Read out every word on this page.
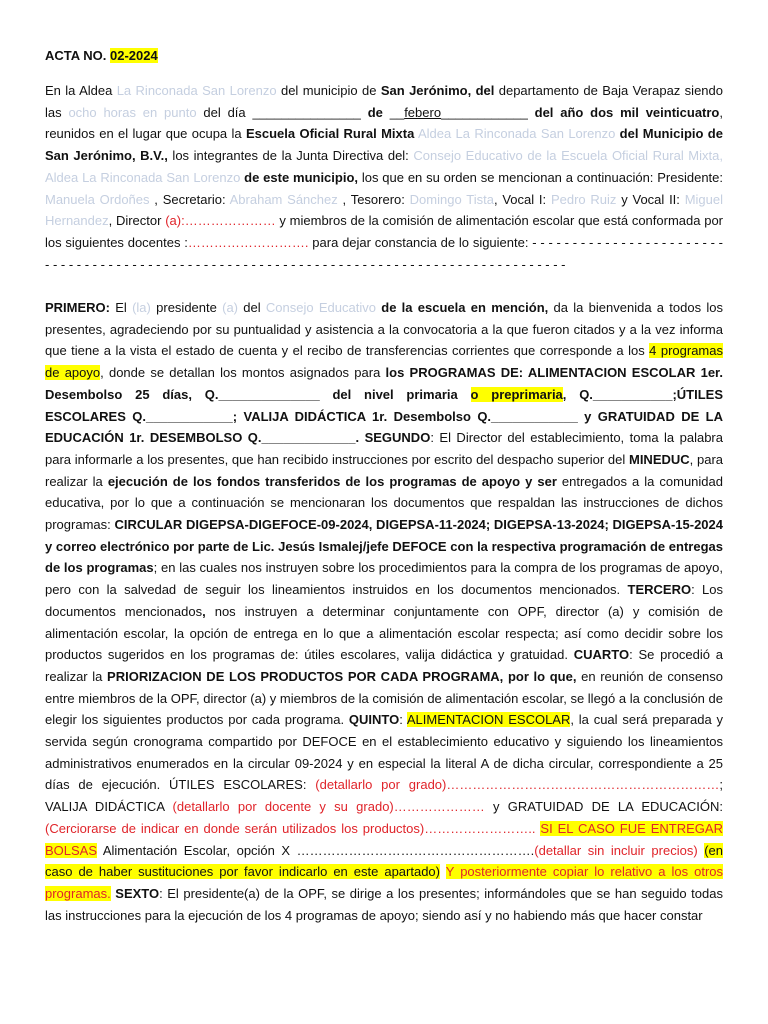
ACTA NO. 02-2024
En la Aldea La Rinconada San Lorenzo del municipio de San Jerónimo, del departamento de Baja Verapaz siendo las ocho horas en punto del día _______________ de __febero____________ del año dos mil veinticuatro, reunidos en el lugar que ocupa la Escuela Oficial Rural Mixta Aldea La Rinconada San Lorenzo del Municipio de San Jerónimo, B.V., los integrantes de la Junta Directiva del: Consejo Educativo de la Escuela Oficial Rural Mixta, Aldea La Rinconada San Lorenzo de este municipio, los que en su orden se mencionan a continuación: Presidente: Manuela Ordoñes , Secretario: Abraham Sánchez , Tesorero: Domingo Tista, Vocal I: Pedro Ruiz y Vocal II: Miguel Hernandez, Director (a):………………… y miembros de la comisión de alimentación escolar que está conformada por los siguientes docentes :………………………. para dejar constancia de lo siguiente: - - - - - - - - - - - - - - - - - - - - - - - - - - - - - - - - - - - - - - - - - - - - - - - - - - - - - - - - - - - - - - - - - - - - - - - - - - - - - - - - - - - - - - - - - -
PRIMERO: El (la) presidente (a) del Consejo Educativo de la escuela en mención, da la bienvenida a todos los presentes, agradeciendo por su puntualidad y asistencia a la convocatoria a la que fueron citados y a la vez informa que tiene a la vista el estado de cuenta y el recibo de transferencias corrientes que corresponde a los 4 programas de apoyo, donde se detallan los montos asignados para los PROGRAMAS DE: ALIMENTACION ESCOLAR 1er. Desembolso 25 días, Q.______________ del nivel primaria o preprimaria, Q.___________;ÚTILES ESCOLARES Q.____________; VALIJA DIDÁCTICA 1r. Desembolso Q.____________ y GRATUIDAD DE LA EDUCACIÓN 1r. DESEMBOLSO Q._____________. SEGUNDO: El Director del establecimiento, toma la palabra para informarle a los presentes, que han recibido instrucciones por escrito del despacho superior del MINEDUC, para realizar la ejecución de los fondos transferidos de los programas de apoyo y ser entregados a la comunidad educativa, por lo que a continuación se mencionaran los documentos que respaldan las instrucciones de dichos programas: CIRCULAR DIGEPSA-DIGEFOCE-09-2024, DIGEPSA-11-2024; DIGEPSA-13-2024; DIGEPSA-15-2024 y correo electrónico por parte de Lic. Jesús Ismalej/jefe DEFOCE con la respectiva programación de entregas de los programas; en las cuales nos instruyen sobre los procedimientos para la compra de los programas de apoyo, pero con la salvedad de seguir los lineamientos instruidos en los documentos mencionados. TERCERO: Los documentos mencionados, nos instruyen a determinar conjuntamente con OPF, director (a) y comisión de alimentación escolar, la opción de entrega en lo que a alimentación escolar respecta; así como decidir sobre los productos sugeridos en los programas de: útiles escolares, valija didáctica y gratuidad. CUARTO: Se procedió a realizar la PRIORIZACION DE LOS PRODUCTOS POR CADA PROGRAMA, por lo que, en reunión de consenso entre miembros de la OPF, director (a) y miembros de la comisión de alimentación escolar, se llegó a la conclusión de elegir los siguientes productos por cada programa. QUINTO: ALIMENTACION ESCOLAR, la cual será preparada y servida según cronograma compartido por DEFOCE en el establecimiento educativo y siguiendo los lineamientos administrativos enumerados en la circular 09-2024 y en especial la literal A de dicha circular, correspondiente a 25 días de ejecución. ÚTILES ESCOLARES: (detallarlo por grado)………………………………………………………; VALIJA DIDÁCTICA (detallarlo por docente y su grado)………………… y GRATUIDAD DE LA EDUCACIÓN: (Cerciorarse de indicar en donde serán utilizados los productos)…………………….. SI EL CASO FUE ENTREGAR BOLSAS Alimentación Escolar, opción X ……………………………………………….(detallar sin incluir precios) (en caso de haber sustituciones por favor indicarlo en este apartado) Y posteriormente copiar lo relativo a los otros programas. SEXTO: El presidente(a) de la OPF, se dirige a los presentes; informándoles que se han seguido todas las instrucciones para la ejecución de los 4 programas de apoyo; siendo así y no habiendo más que hacer constar
